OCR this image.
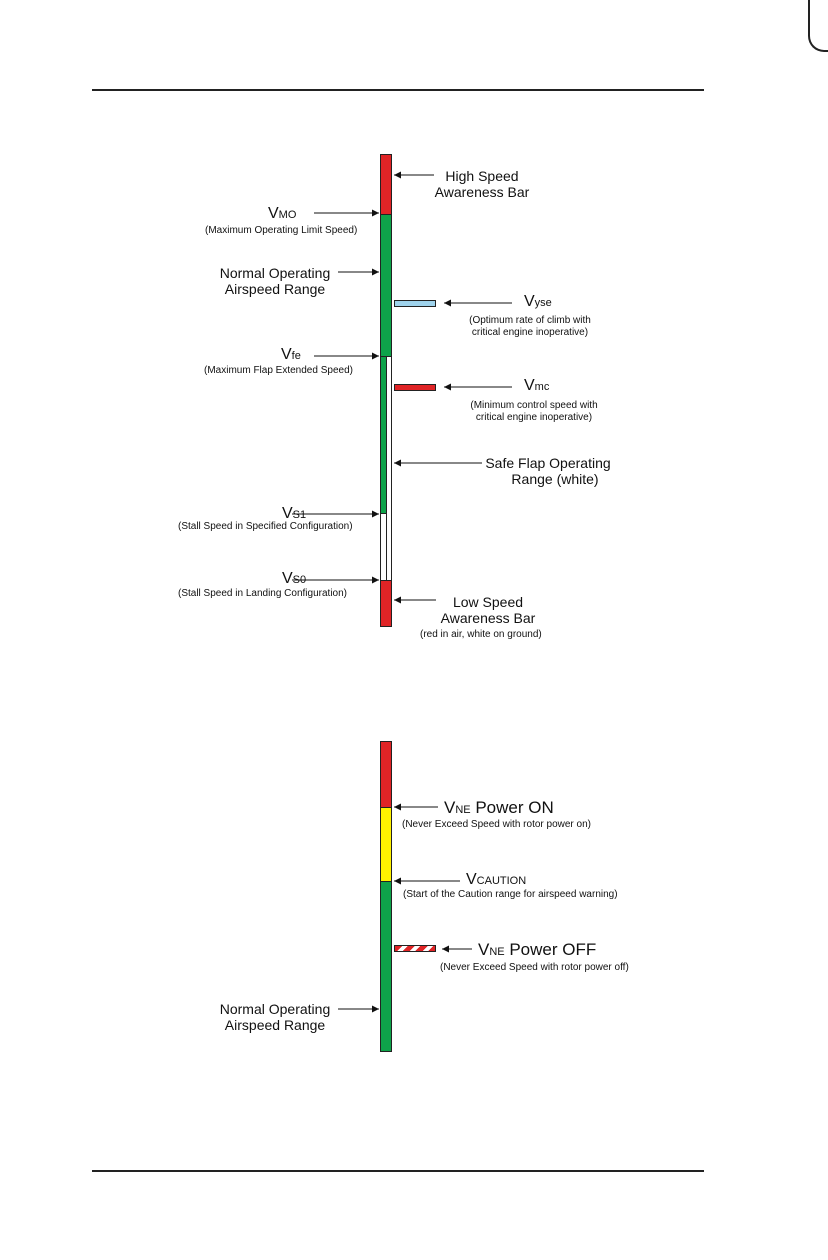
High Speed
Awareness Bar
VMO
(Maximum Operating Limit Speed)
Normal Operating
Airspeed Range
Vyse
(Optimum rate of climb with
critical engine inoperative)
Vfe
(Maximum Flap Extended Speed)
Vmc
(Minimum control speed with
critical engine inoperative)
Safe Flap Operating
Range (white)
VS1
(Stall Speed in Specified Configuration)
VS0
(Stall Speed in Landing Configuration)
Low Speed
Awareness Bar
(red in air, white on ground)
VNE Power ON
(Never Exceed Speed with rotor power on)
VCAUTION
(Start of the Caution range for airspeed warning)
VNE Power OFF
(Never Exceed Speed with rotor power off)
Normal Operating
Airspeed Range
